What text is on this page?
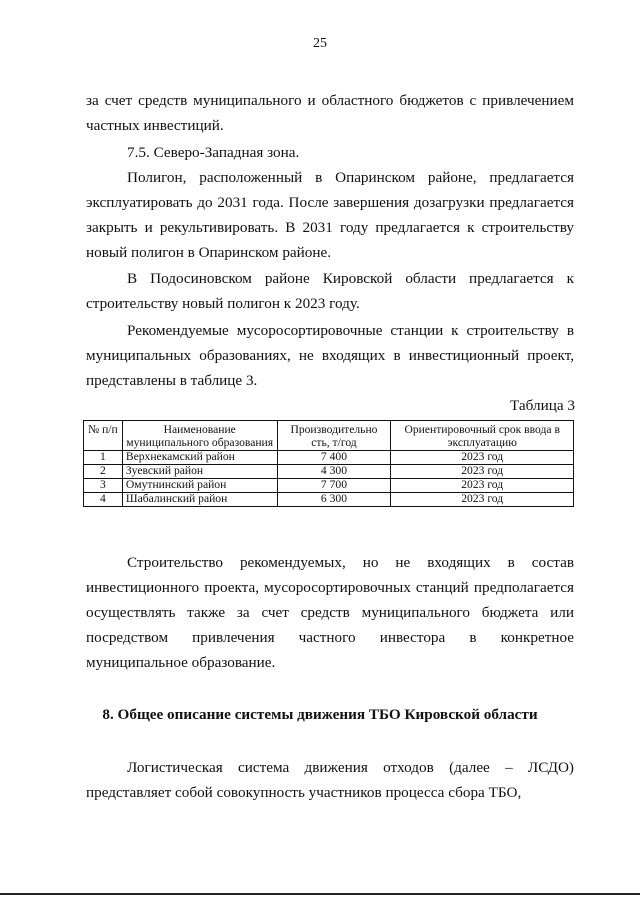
25

за счет средств муниципального и областного бюджетов с привлечением частных инвестиций.

7.5. Северо-Западная зона.

Полигон, расположенный в Опаринском районе, предлагается эксплуатировать до 2031 года. После завершения дозагрузки предлагается закрыть и рекультивировать. В 2031 году предлагается к строительству новый полигон в Опаринском районе.

В Подосиновском районе Кировской области предлагается к строительству новый полигон к 2023 году.

Рекомендуемые мусоросортировочные станции к строительству в муниципальных образованиях, не входящих в инвестиционный проект, представлены в таблице 3.

Таблица 3
№ п/п	Наименование муниципального образования	Производительно сть, т/год	Ориентировочный срок ввода в эксплуатацию
1	Верхнекамский район	7 400	2023 год
2	Зуевский район	4 300	2023 год
3	Омутнинский район	7 700	2023 год
4	Шабалинский район	6 300	2023 год

Строительство рекомендуемых, но не входящих в состав инвестиционного проекта, мусоросортировочных станций предполагается осуществлять также за счет средств муниципального бюджета или посредством привлечения частного инвестора в конкретное муниципальное образование.

8. Общее описание системы движения ТБО Кировской области

Логистическая система движения отходов (далее – ЛСДО) представляет собой совокупность участников процесса сбора ТБО,
